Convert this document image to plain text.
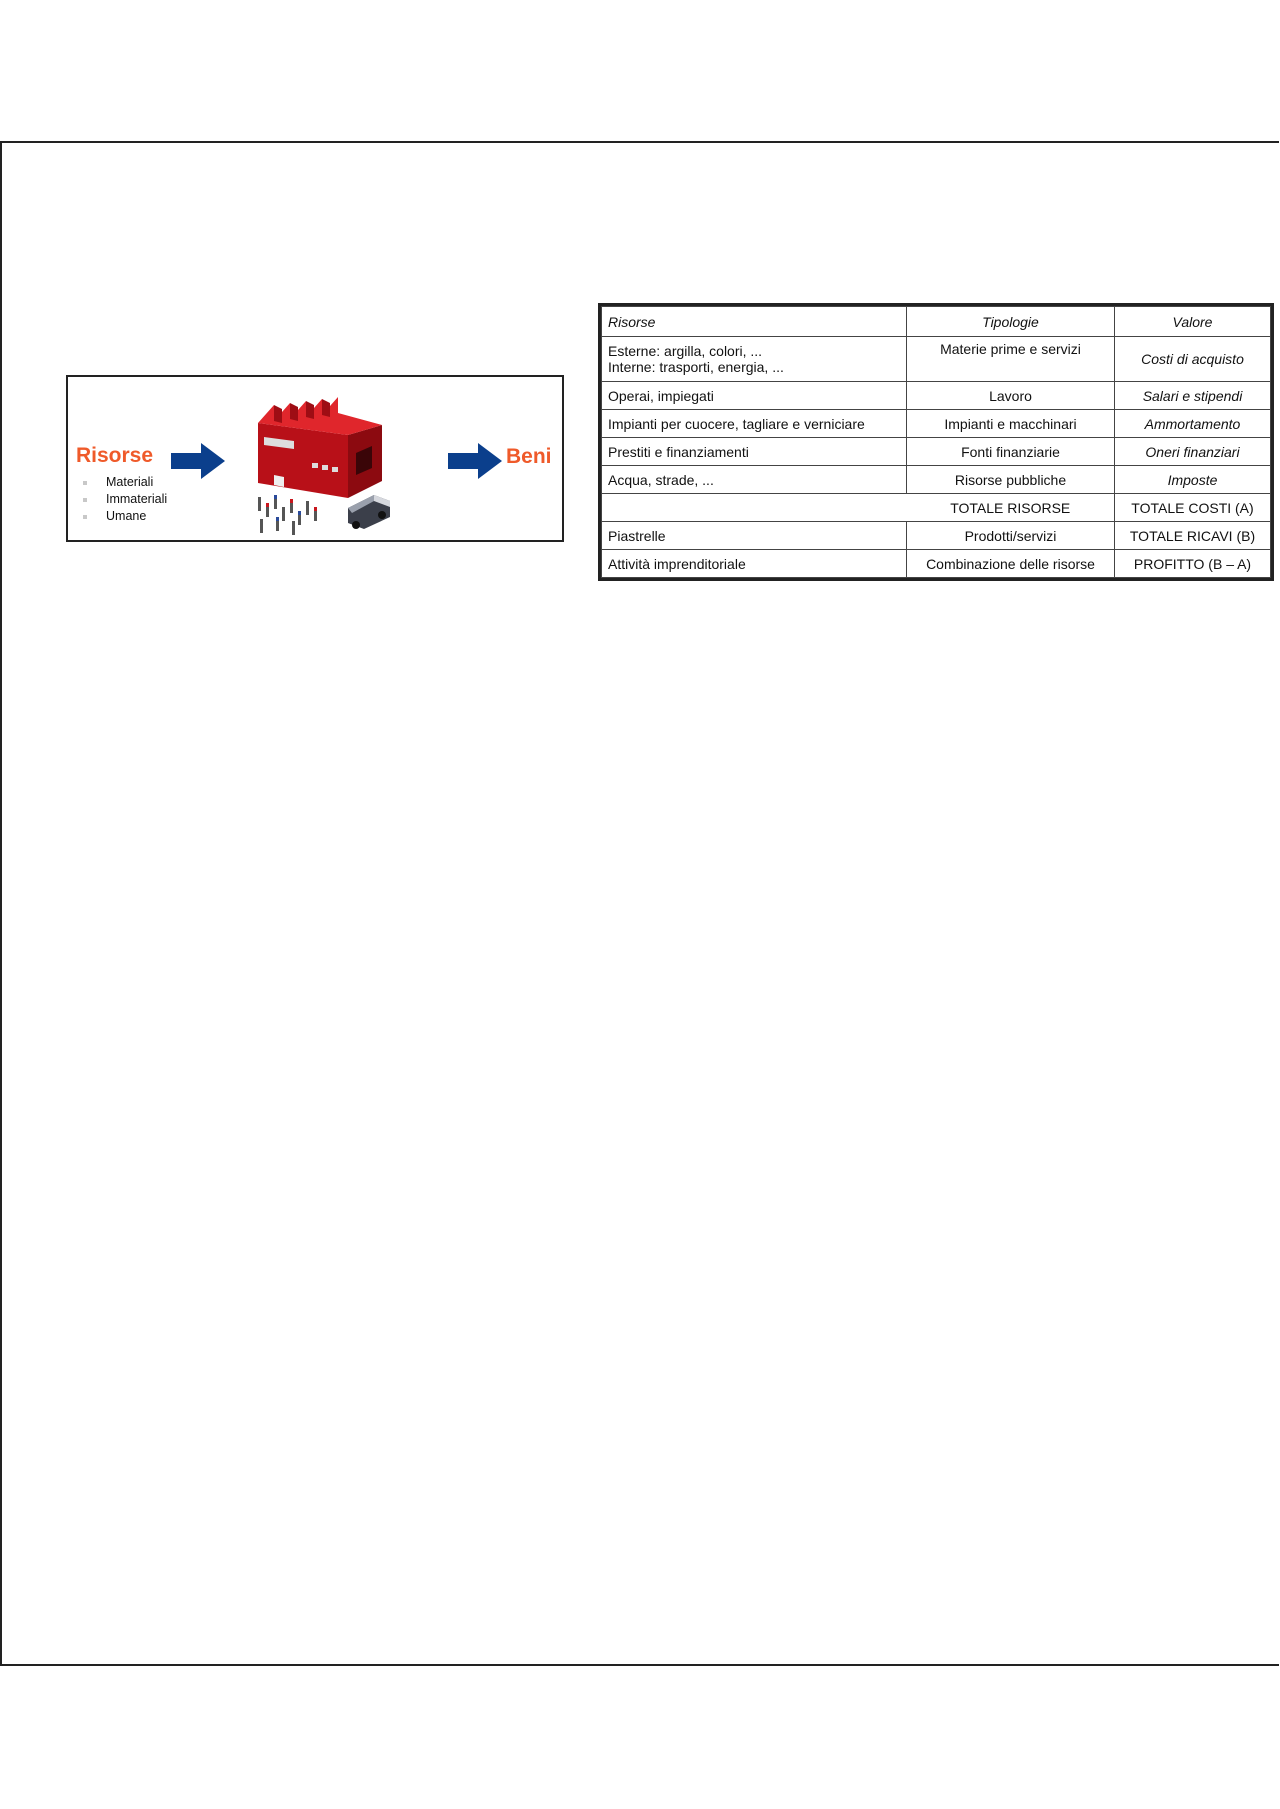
Risorse
Materiali
Immateriali
Umane
Beni
Risorse	Tipologie	Valore

Esterne: argilla, colori, ...
Interne: trasporti, energia, ...	Materie prime e servizi	Costi di acquisto
Operai, impiegati	Lavoro	Salari e stipendi
Impianti per cuocere, tagliare e verniciare	Impianti e macchinari	Ammortamento
Prestiti e finanziamenti	Fonti finanziarie	Oneri finanziari
Acqua, strade, ...	Risorse pubbliche	Imposte
	TOTALE RISORSE	TOTALE COSTI (A)
Piastrelle	Prodotti/servizi	TOTALE RICAVI (B)
Attività imprenditoriale	Combinazione delle risorse	PROFITTO (B – A)
